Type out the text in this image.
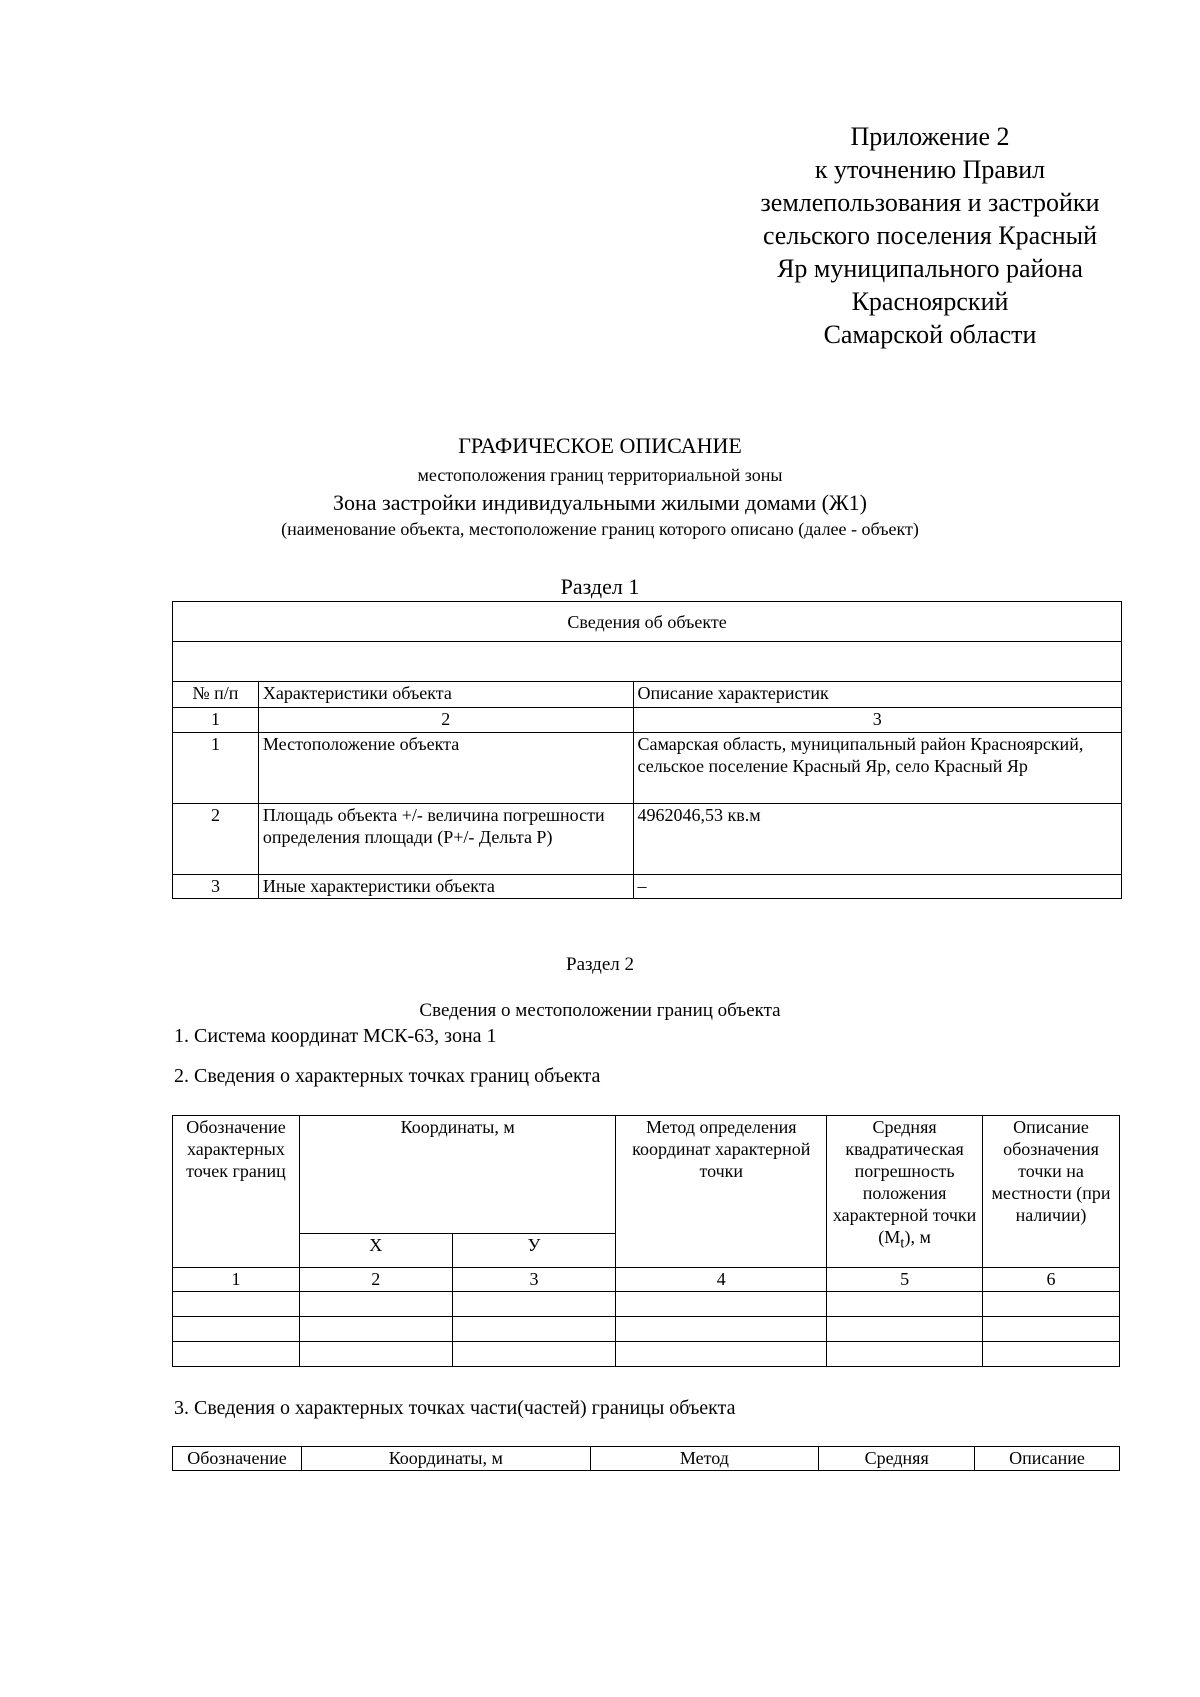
Приложение 2
к уточнению Правил
землепользования и застройки
сельского поселения Красный
Яр муниципального района
Красноярский
Самарской области
ГРАФИЧЕСКОЕ ОПИСАНИЕ
местоположения границ территориальной зоны
Зона застройки индивидуальными жилыми домами (Ж1)
(наименование объекта, местоположение границ которого описано (далее - объект)
Раздел 1
Сведения об объекте		

№ п/п	Характеристики объекта	Описание характеристик
1	2	3
1	Местоположение объекта	Самарская область, муниципальный район Красноярский, сельское поселение Красный Яр, село Красный Яр
2	Площадь объекта +/- величина погрешности определения площади (Р+/- Дельта Р)	4962046,53 кв.м
3	Иные характеристики объекта	–
Раздел 2
Сведения о местоположении границ объекта
1. Система координат МСК-63, зона 1
2. Сведения о характерных точках границ объекта
Обозначение характерных точек границ	Координаты, м		Метод определения координат характерной точки	Средняя квадратическая погрешность положения характерной точки $(М_t)$, м	Описание обозначения точки на местности (при наличии)
	Х	У			
1	2	3	4	5	6

3. Сведения о характерных точках части(частей) границы объекта
Обозначение	Координаты, м	Метод	Средняя	Описание
